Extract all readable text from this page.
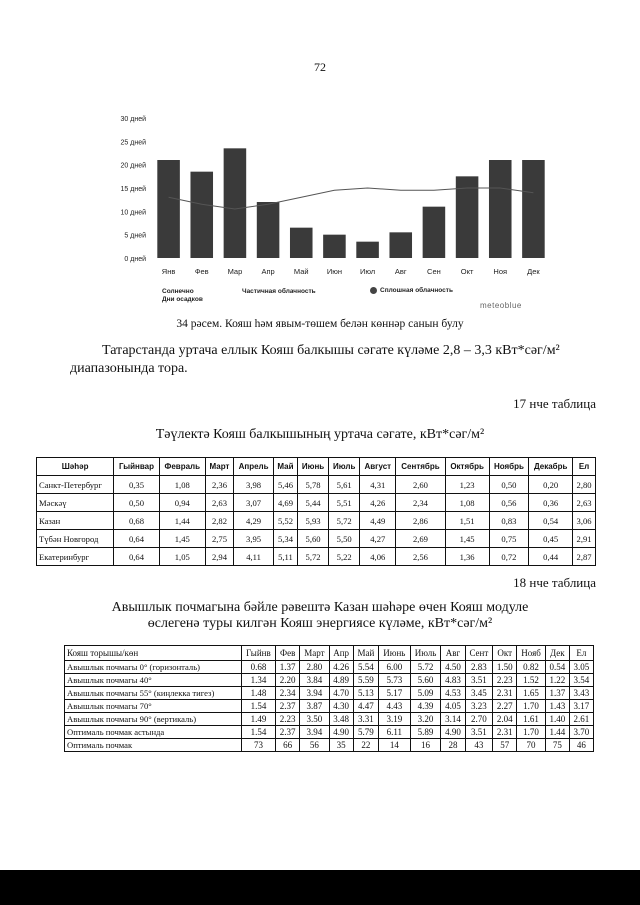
72
0 дней
5 дней
10 дней
15 дней
20 дней
25 дней
30 дней
Янв	Фев	Мар	Апр	Май Июн Июл	Авг	Сен	Окт	Ноя	Дек
Солнечно	Частичная облачность	Сплошная облачность
Дни осадков
meteoblue
34 рәсем. Кояш һәм явым-төшем белән көннәр санын булу
Татарстанда уртача еллык Кояш балкышы сәгате күләме 2,8 – 3,3 кВт*сәг/м² диапазонында тора.
17 нче таблица
Тәүлектә Кояш балкышының уртача сәгате, кВт*сәг/м²
Шәһәр	Гыйнвар	Февраль	Март	Апрель	Май	Июнь	Июль	Август	Сентябрь	Октябрь	Ноябрь	Декабрь	Ел
Санкт-Петербург	0,35	1,08	2,36	3,98	5,46	5,78	5,61	4,31	2,60	1,23	0,50	0,20	2,80
Мәскәү	0,50	0,94	2,63	3,07	4,69	5,44	5,51	4,26	2,34	1,08	0,56	0,36	2,63
Казан	0,68	1,44	2,82	4,29	5,52	5,93	5,72	4,49	2,86	1,51	0,83	0,54	3,06
Түбән Новгород	0,64	1,45	2,75	3,95	5,34	5,60	5,50	4,27	2,69	1,45	0,75	0,45	2,91
Екатеринбург	0,64	1,05	2,94	4,11	5,11	5,72	5,22	4,06	2,56	1,36	0,72	0,44	2,87
18 нче таблица
Авышлык почмагына бәйле рәвештә Казан шәһәре өчен Кояш модуле
өслегенә туры килгән Кояш энергиясе күләме, кВт*сәг/м²
Кояш торышы/көн	Гыйнв	Фев	Март	Апр	Май	Июнь	Июль	Авг	Сент	Окт	Нояб	Дек	Ел
Авышлык почмагы 0° (горизонталь)	0.68	1.37	2.80	4.26	5.54	6.00	5.72	4.50	2.83	1.50	0.82	0.54	3.05
Авышлык почмагы 40°	1.34	2.20	3.84	4.89	5.59	5.73	5.60	4.83	3.51	2.23	1.52	1.22	3.54
Авышлык почмагы 55° (киңлекка тигез)	1.48	2.34	3.94	4.70	5.13	5.17	5.09	4.53	3.45	2.31	1.65	1.37	3.43
Авышлык почмагы 70°	1.54	2.37	3.87	4.30	4.47	4.43	4.39	4.05	3.23	2.27	1.70	1.43	3.17
Авышлык почмагы 90° (вертикаль)	1.49	2.23	3.50	3.48	3.31	3.19	3.20	3.14	2.70	2.04	1.61	1.40	2.61
Оптималь почмак астында	1.54	2.37	3.94	4.90	5.79	6.11	5.89	4.90	3.51	2.31	1.70	1.44	3.70
Оптималь почмак	73	66	56	35	22	14	16	28	43	57	70	75	46
